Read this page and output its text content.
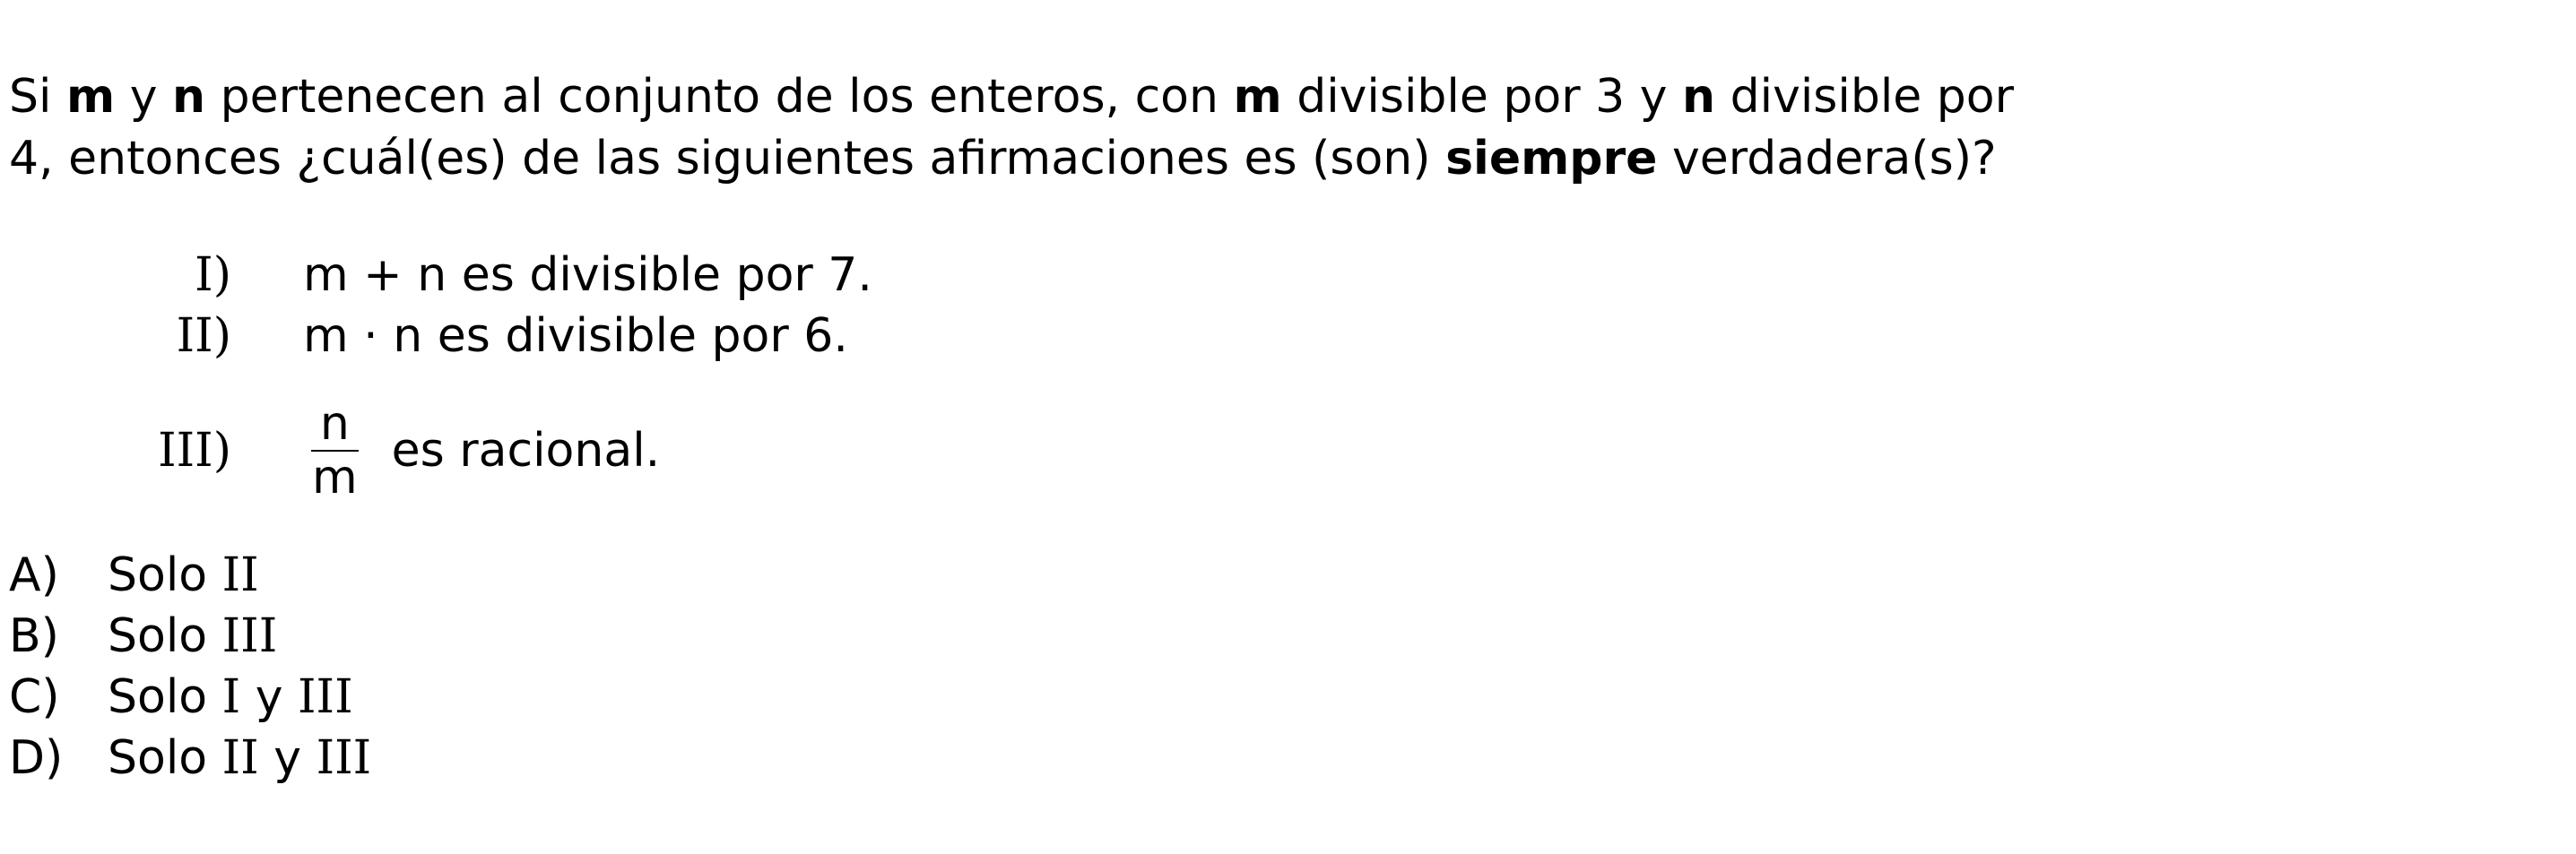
Si m y n pertenecen al conjunto de los enteros, con m divisible por 3 y n divisible por
4, entonces ¿cuál(es) de las siguientes afirmaciones es (son) siempre verdadera(s)?

I) m + n es divisible por 7.
II) m · n es divisible por 6.
$III) \frac{n}{m}$ es racional.
A)	Solo II
B)	Solo III
C)	Solo I y III
D) Solo II y III
